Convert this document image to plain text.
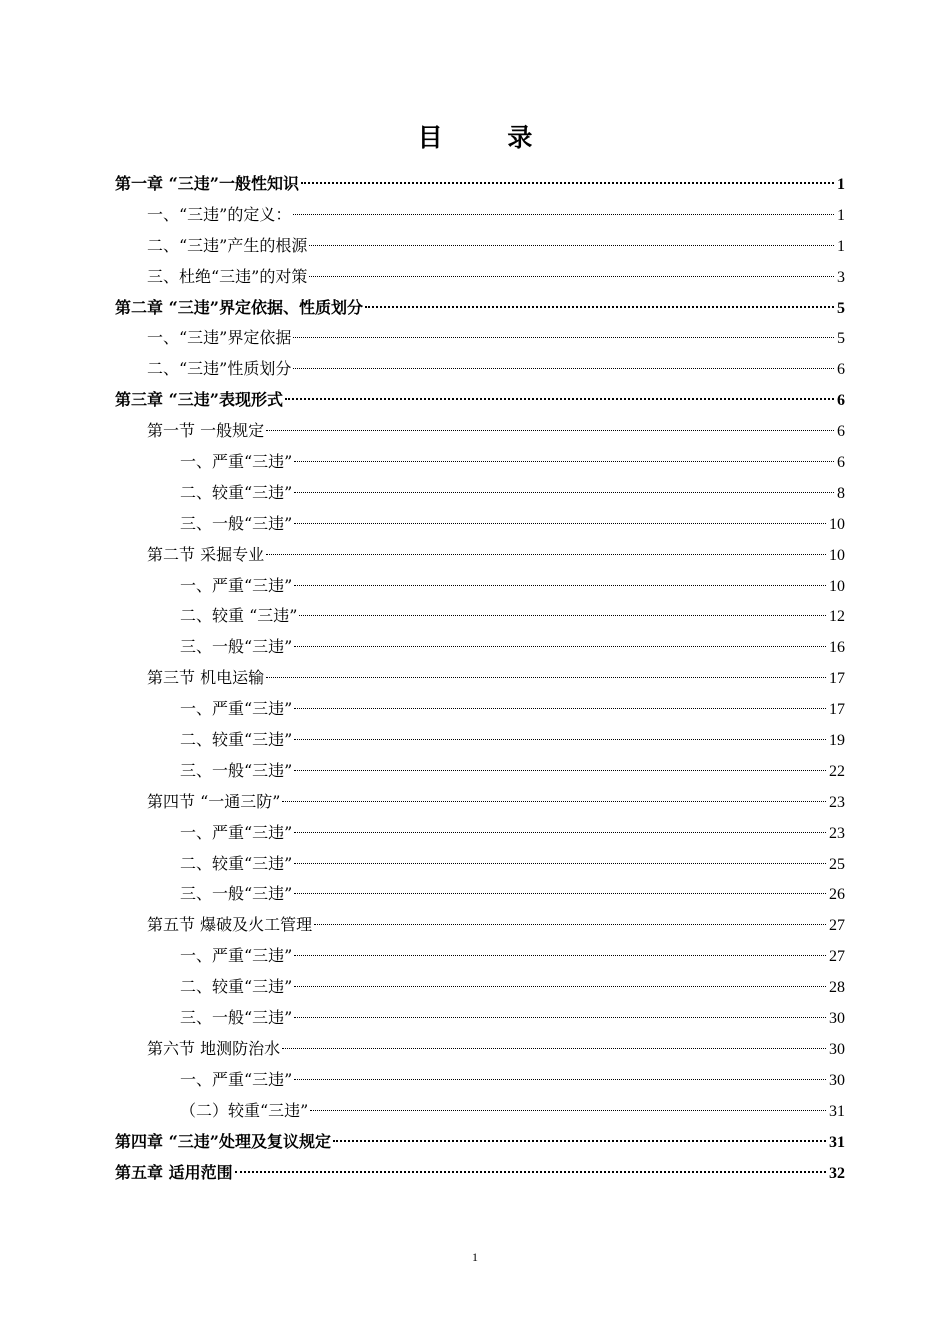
目 录
第一章 “三违”一般性知识	1
一、“三违”的定义：	1
二、“三违”产生的根源	1
三、杜绝“三违”的对策	3
第二章 “三违”界定依据、性质划分	5
一、“三违”界定依据	5
二、“三违”性质划分	6
第三章 “三违”表现形式	6
第一节 一般规定	6
一、严重“三违”	6
二、较重“三违”	8
三、一般“三违”	10
第二节 采掘专业	10
一、严重“三违”	10
二、较重 “三违”	12
三、一般“三违”	16
第三节 机电运输	17
一、严重“三违”	17
二、较重“三违”	19
三、一般“三违”	22
第四节 “一通三防”	23
一、严重“三违”	23
二、较重“三违”	25
三、一般“三违”	26
第五节 爆破及火工管理	27
一、严重“三违”	27
二、较重“三违”	28
三、一般“三违”	30
第六节 地测防治水	30
一、严重“三违”	30
（二）较重“三违”	31
第四章 “三违”处理及复议规定	31
第五章 适用范围	32
1
